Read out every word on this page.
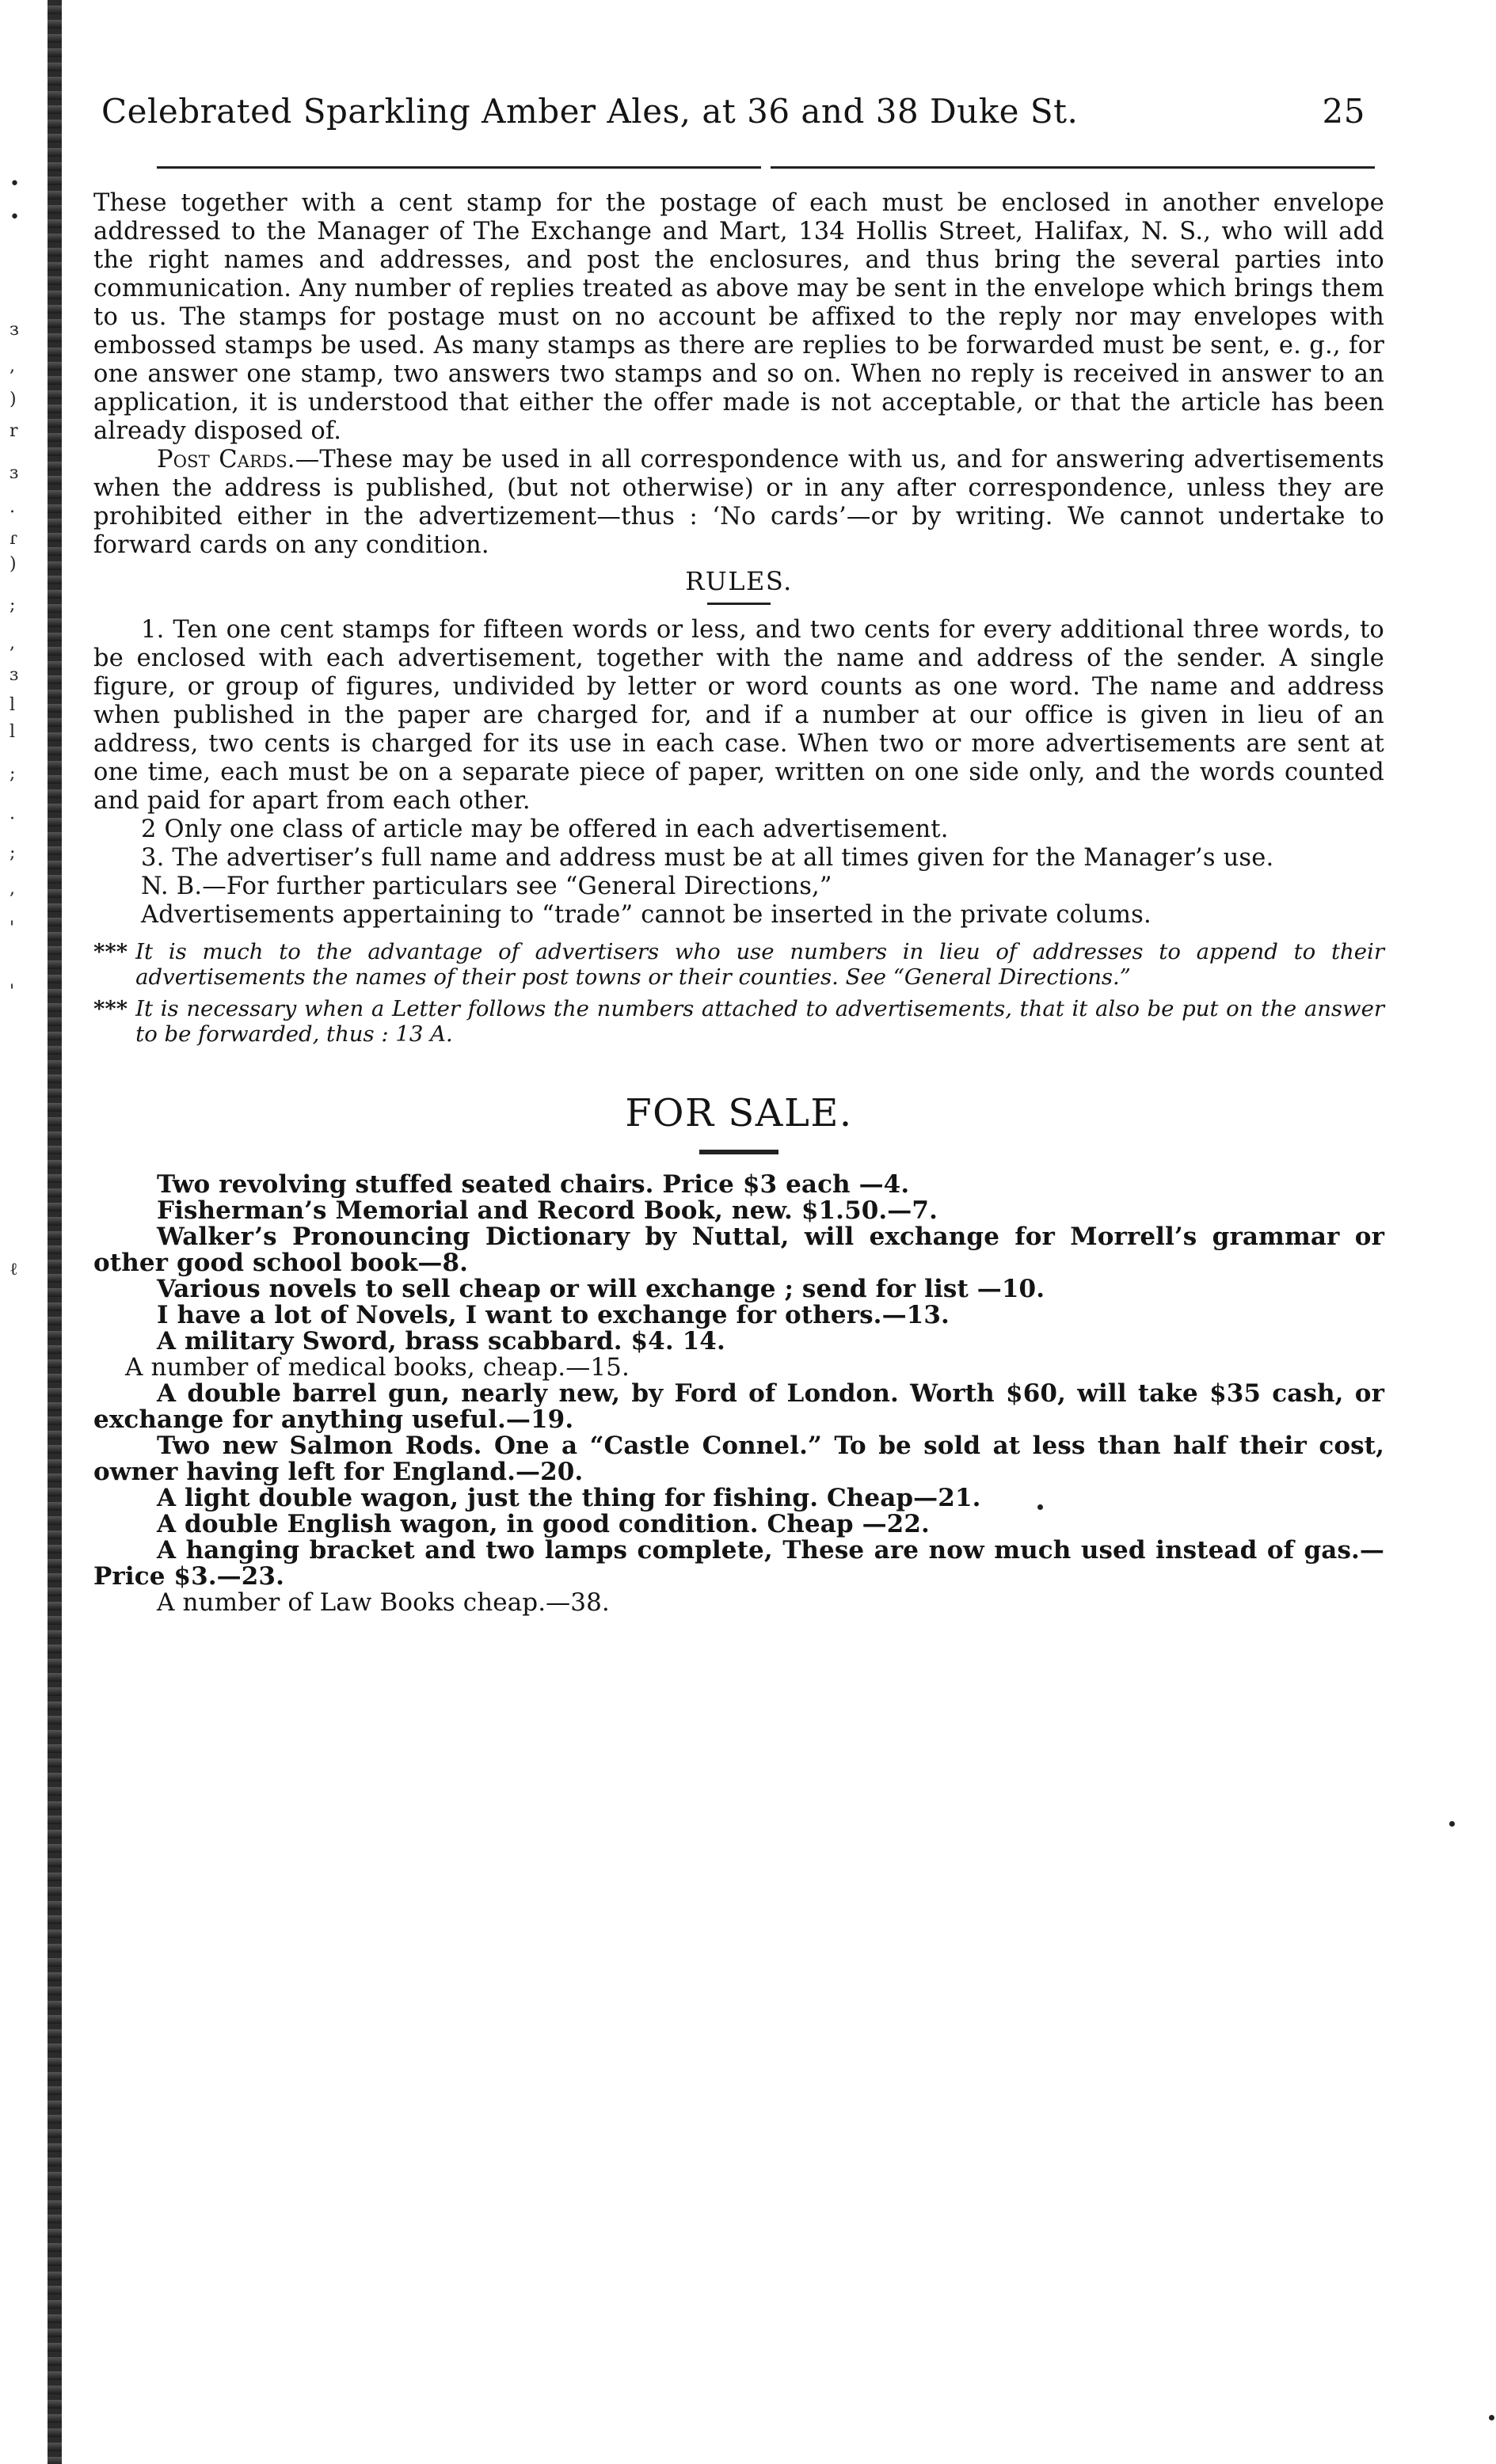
•
•
з
,
)
r
ɜ
.
ɾ
)
;
,
ɜ
l
l
;
·
;
,
'
'
ℓ
Celebrated Sparkling Amber Ales, at 36 and 38 Duke St.	25

These together with a cent stamp for the postage of each must be enclosed in another envelope addressed to the Manager of The Exchange and Mart, 134 Hollis Street, Halifax, N. S., who will add the right names and addresses, and post the enclosures, and thus bring the several parties into communication. Any number of replies treated as above may be sent in the envelope which brings them to us. The stamps for postage must on no account be affixed to the reply nor may envelopes with embossed stamps be used. As many stamps as there are replies to be forwarded must be sent, e. g., for one answer one stamp, two answers two stamps and so on. When no reply is received in answer to an application, it is understood that either the offer made is not acceptable, or that the article has been already disposed of.

Post Cards.—These may be used in all correspondence with us, and for answering advertisements when the address is published, (but not otherwise) or in any after correspondence, unless they are prohibited either in the advertizement—thus : ‘No cards’—or by writing. We cannot undertake to forward cards on any condition.

RULES.

1. Ten one cent stamps for fifteen words or less, and two cents for every additional three words, to be enclosed with each advertisement, together with the name and address of the sender. A single figure, or group of figures, undivided by letter or word counts as one word. The name and address when published in the paper are charged for, and if a number at our office is given in lieu of an address, two cents is charged for its use in each case. When two or more advertisements are sent at one time, each must be on a separate piece of paper, written on one side only, and the words counted and paid for apart from each other.

2 Only one class of article may be offered in each advertisement.

3. The advertiser’s full name and address must be at all times given for the Manager’s use.

N. B.—For further particulars see “General Directions,”

Advertisements appertaining to “trade” cannot be inserted in the private colums.

*** It is much to the advantage of advertisers who use numbers in lieu of addresses to append to their advertisements the names of their post towns or their counties. See “General Directions.”
*** It is necessary when a Letter follows the numbers attached to advertisements, that it also be put on the answer to be forwarded, thus : 13 A.
FOR SALE.

Two revolving stuffed seated chairs. Price $3 each —4.

Fisherman’s Memorial and Record Book, new. $1.50.—7.

Walker’s Pronouncing Dictionary by Nuttal, will exchange for Morrell’s grammar or other good school book—8.

Various novels to sell cheap or will exchange ; send for list —10.

I have a lot of Novels, I want to exchange for others.—13.

A military Sword, brass scabbard. $4. 14.

A number of medical books, cheap.—15.

A double barrel gun, nearly new, by Ford of London. Worth $60, will take $35 cash, or exchange for anything useful.—19.

Two new Salmon Rods. One a “Castle Connel.” To be sold at less than half their cost, owner having left for England.—20.

A light double wagon, just the thing for fishing. Cheap—21.

A double English wagon, in good condition. Cheap —22.

A hanging bracket and two lamps complete, These are now much used instead of gas.—Price $3.—23.

A number of Law Books cheap.—38.
